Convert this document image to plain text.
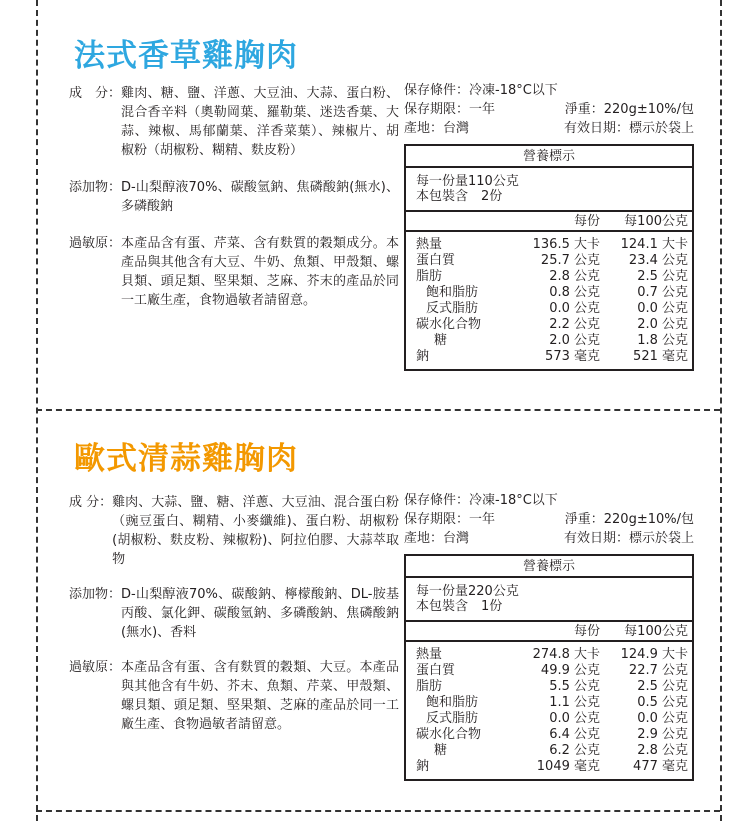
法式香草雞胸肉
成　分： 雞肉、糖、鹽、洋蔥、大豆油、大蒜、蛋白粉、混合香辛料（奧勒岡葉、羅勒葉、迷迭香葉、大蒜、辣椒、馬郁蘭葉、洋香菜葉）、辣椒片、胡椒粉（胡椒粉、糊精、麩皮粉）
添加物： D-山梨醇液70%、碳酸氫鈉、焦磷酸鈉(無水)、多磷酸鈉
過敏原： 本產品含有蛋、芹菜、含有麩質的穀類成分。本產品與其他含有大豆、牛奶、魚類、甲殼類、螺貝類、頭足類、堅果類、芝麻、芥末的產品於同一工廠生產，食物過敏者請留意。
保存條件：冷凍-18°C以下
保存期限：一年	淨重：220g±10%/包
產地：台灣	有效日期：標示於袋上
營養標示
每一份量110公克
本包裝含　2份
每份	每100公克
熱量	136.5 大卡	124.1 大卡
蛋白質	25.7 公克	23.4 公克
脂肪	2.8 公克	2.5 公克
飽和脂肪	0.8 公克	0.7 公克
反式脂肪	0.0 公克	0.0 公克
碳水化合物	2.2 公克	2.0 公克
糖	2.0 公克	1.8 公克
鈉	573 毫克	521 毫克
歐式清蒜雞胸肉
成 分： 雞肉、大蒜、鹽、糖、洋蔥、大豆油、混合蛋白粉（豌豆蛋白、糊精、小麥纖維)、蛋白粉、胡椒粉(胡椒粉、麩皮粉、辣椒粉)、阿拉伯膠、大蒜萃取物
添加物： D-山梨醇液70%、碳酸鈉、檸檬酸鈉、DL-胺基丙酸、氯化鉀、碳酸氫鈉、多磷酸鈉、焦磷酸鈉(無水)、香料
過敏原： 本產品含有蛋、含有麩質的穀類、大豆。本產品與其他含有牛奶、芥末、魚類、芹菜、甲殼類、螺貝類、頭足類、堅果類、芝麻的產品於同一工廠生產、食物過敏者請留意。
保存條件：冷凍-18°C以下
保存期限：一年	淨重：220g±10%/包
產地：台灣	有效日期：標示於袋上
營養標示
每一份量220公克
本包裝含　1份
每份	每100公克
熱量	274.8 大卡	124.9 大卡
蛋白質	49.9 公克	22.7 公克
脂肪	5.5 公克	2.5 公克
飽和脂肪	1.1 公克	0.5 公克
反式脂肪	0.0 公克	0.0 公克
碳水化合物	6.4 公克	2.9 公克
糖	6.2 公克	2.8 公克
鈉	1049 毫克	477 毫克
